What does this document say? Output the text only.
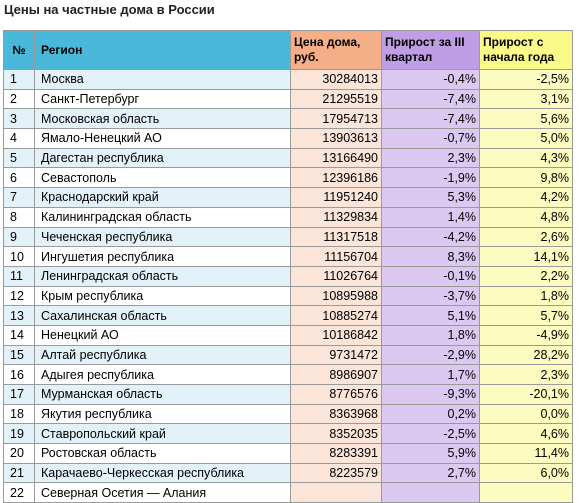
Цены на частные дома в России
№	Регион	Цена дома, руб.	Прирост за III квартал	Прирост с начала года
1	Москва	30284013	-0,4%	-2,5%
2	Санкт-Петербург	21295519	-7,4%	3,1%
3	Московская область	17954713	-7,4%	5,6%
4	Ямало-Ненецкий АО	13903613	-0,7%	5,0%
5	Дагестан республика	13166490	2,3%	4,3%
6	Севастополь	12396186	-1,9%	9,8%
7	Краснодарский край	11951240	5,3%	4,2%
8	Калининградская область	11329834	1,4%	4,8%
9	Чеченская республика	11317518	-4,2%	2,6%
10	Ингушетия республика	11156704	8,3%	14,1%
11	Ленинградская область	11026764	-0,1%	2,2%
12	Крым республика	10895988	-3,7%	1,8%
13	Сахалинская область	10885274	5,1%	5,7%
14	Ненецкий АО	10186842	1,8%	-4,9%
15	Алтай республика	9731472	-2,9%	28,2%
16	Адыгея республика	8986907	1,7%	2,3%
17	Мурманская область	8776576	-9,3%	-20,1%
18	Якутия республика	8363968	0,2%	0,0%
19	Ставропольский край	8352035	-2,5%	4,6%
20	Ростовская область	8283391	5,9%	11,4%
21	Карачаево-Черкесская республика	8223579	2,7%	6,0%
22	Северная Осетия — Алания			
